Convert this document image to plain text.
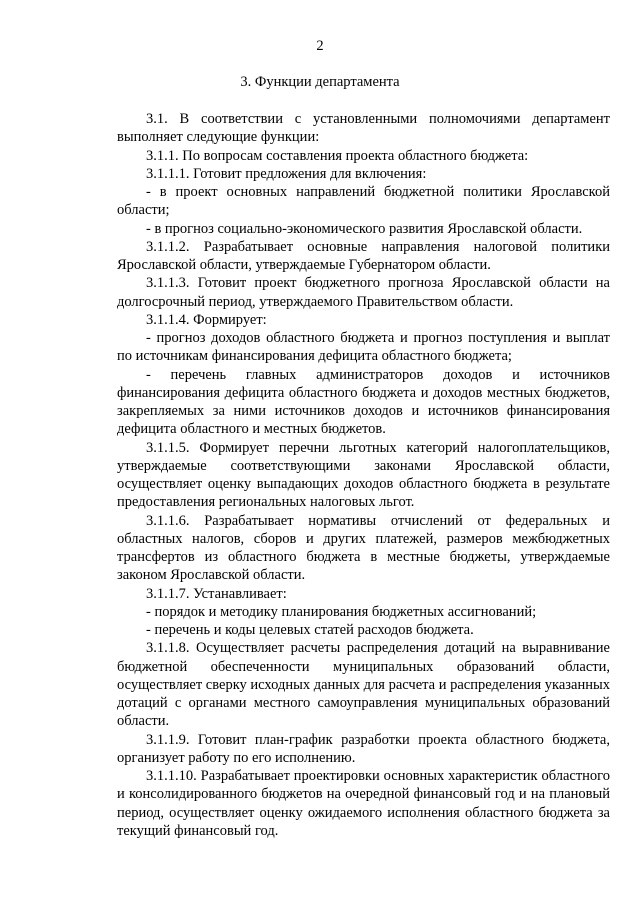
2
3. Функции департамента

3.1. В соответствии с установленными полномочиями департамент выполняет следующие функции:

3.1.1. По вопросам составления проекта областного бюджета:

3.1.1.1. Готовит предложения для включения:

- в проект основных направлений бюджетной политики Ярославской области;

- в прогноз социально-экономического развития Ярославской области.

3.1.1.2. Разрабатывает основные направления налоговой политики Ярославской области, утверждаемые Губернатором области.

3.1.1.3. Готовит проект бюджетного прогноза Ярославской области на долгосрочный период, утверждаемого Правительством области.

3.1.1.4. Формирует:

- прогноз доходов областного бюджета и прогноз поступления и выплат по источникам финансирования дефицита областного бюджета;

- перечень главных администраторов доходов и источников финансирования дефицита областного бюджета и доходов местных бюджетов, закрепляемых за ними источников доходов и источников финансирования дефицита областного и местных бюджетов.

3.1.1.5. Формирует перечни льготных категорий налогоплательщиков, утверждаемые соответствующими законами Ярославской области, осуществляет оценку выпадающих доходов областного бюджета в результате предоставления региональных налоговых льгот.

3.1.1.6. Разрабатывает нормативы отчислений от федеральных и областных налогов, сборов и других платежей, размеров межбюджетных трансфертов из областного бюджета в местные бюджеты, утверждаемые законом Ярославской области.

3.1.1.7. Устанавливает:

- порядок и методику планирования бюджетных ассигнований;

- перечень и коды целевых статей расходов бюджета.

3.1.1.8. Осуществляет расчеты распределения дотаций на выравнивание бюджетной обеспеченности муниципальных образований области, осуществляет сверку исходных данных для расчета и распределения указанных дотаций с органами местного самоуправления муниципальных образований области.

3.1.1.9. Готовит план-график разработки проекта областного бюджета, организует работу по его исполнению.

3.1.1.10. Разрабатывает проектировки основных характеристик областного и консолидированного бюджетов на очередной финансовый год и на плановый период, осуществляет оценку ожидаемого исполнения областного бюджета за текущий финансовый год.
